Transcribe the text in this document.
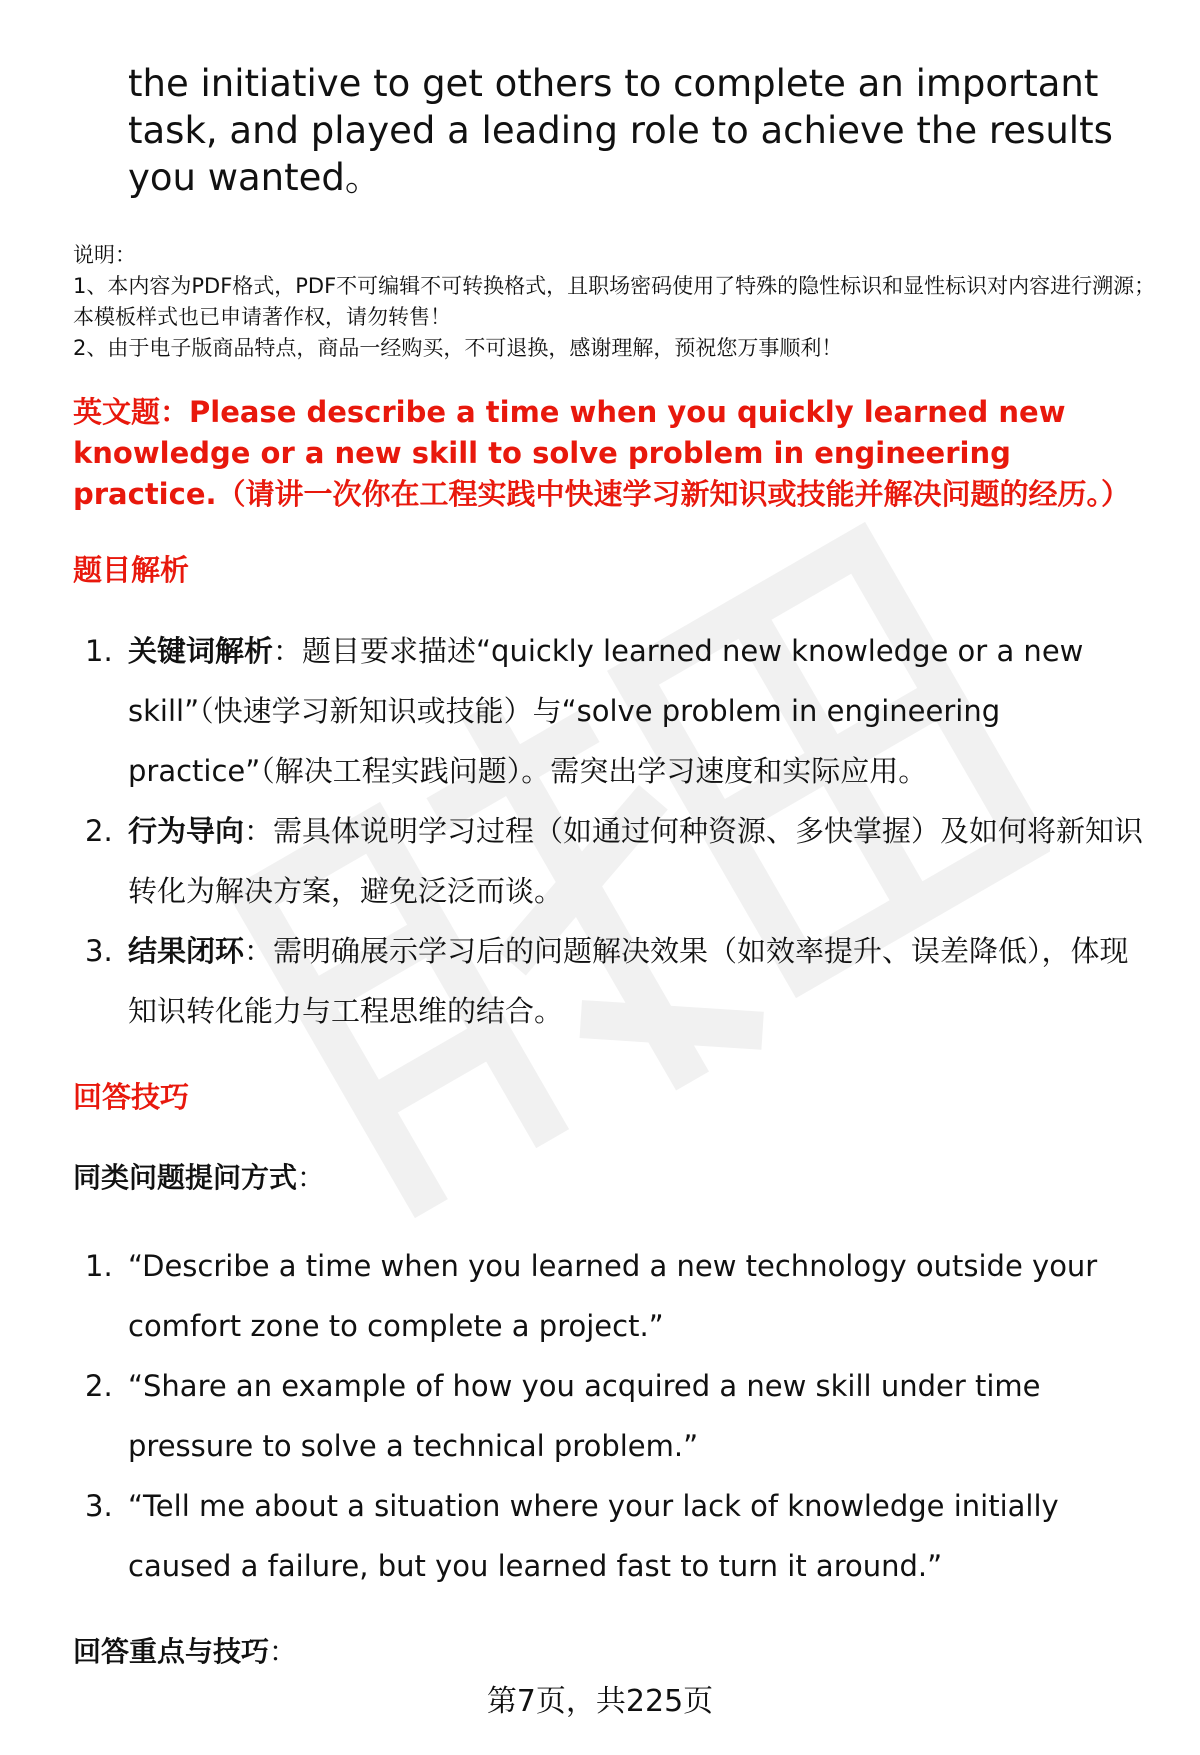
the initiative to get others to complete an important task, and played a leading role to achieve the results you wanted。
说明：
1、本内容为PDF格式，PDF不可编辑不可转换格式，且职场密码使用了特殊的隐性标识和显性标识对内容进行溯源；本模板样式也已申请著作权，请勿转售！
2、由于电子版商品特点，商品一经购买，不可退换，感谢理解，预祝您万事顺利！
英文题：Please describe a time when you quickly learned new knowledge or a new skill to solve problem in engineering practice.（请讲一次你在工程实践中快速学习新知识或技能并解决问题的经历。）
题目解析
1. 关键词解析：题目要求描述“quickly learned new knowledge or a new skill”（快速学习新知识或技能）与“solve problem in engineering practice”（解决工程实践问题）。需突出学习速度和实际应用。
2. 行为导向：需具体说明学习过程（如通过何种资源、多快掌握）及如何将新知识转化为解决方案，避免泛泛而谈。
3. 结果闭环：需明确展示学习后的问题解决效果（如效率提升、误差降低），体现知识转化能力与工程思维的结合。
回答技巧
同类问题提问方式：
1. “Describe a time when you learned a new technology outside your comfort zone to complete a project.”
2. “Share an example of how you acquired a new skill under time pressure to solve a technical problem.”
3. “Tell me about a situation where your lack of knowledge initially caused a failure, but you learned fast to turn it around.”
回答重点与技巧：
第7页，共225页
